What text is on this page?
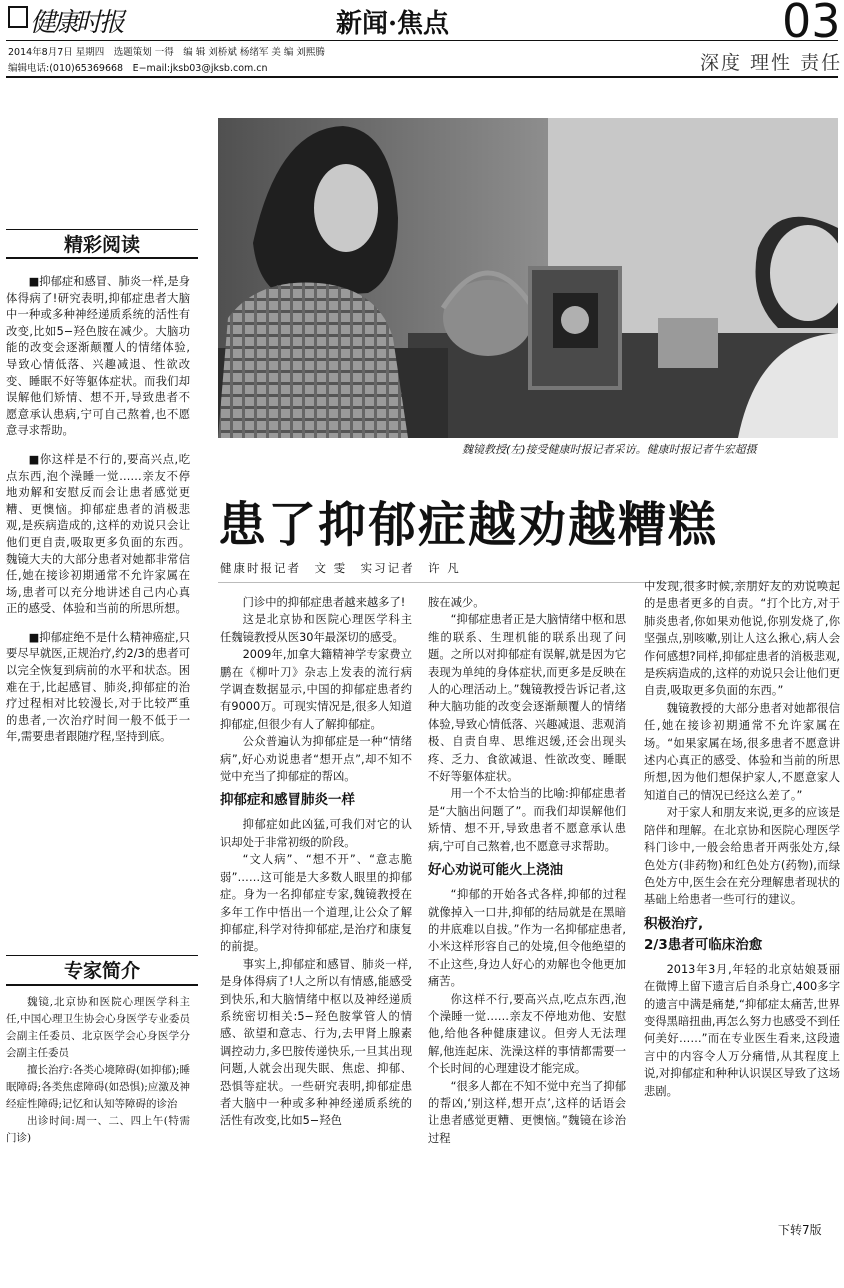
健康时报	新闻·焦点	03
2014年8月7日 星期四　选题策划 一得　编 辑 刘桥斌 杨绪军 美 编 刘熙腾
编辑电话:(010)65369668　E−mail:jksb03@jksb.com.cn	深度 理性 责任
精彩阅读

■抑郁症和感冒、肺炎一样,是身体得病了!研究表明,抑郁症患者大脑中一种或多种神经递质系统的活性有改变,比如5−羟色胺在减少。大脑功能的改变会逐渐颠覆人的情绪体验,导致心情低落、兴趣减退、性欲改变、睡眠不好等躯体症状。而我们却误解他们矫情、想不开,导致患者不愿意承认患病,宁可自己熬着,也不愿意寻求帮助。

■你这样是不行的,要高兴点,吃点东西,泡个澡睡一觉……亲友不停地劝解和安慰反而会让患者感觉更糟、更懊恼。抑郁症患者的消极悲观,是疾病造成的,这样的劝说只会让他们更自责,吸取更多负面的东西。魏镜大夫的大部分患者对她都非常信任,她在接诊初期通常不允许家属在场,患者可以充分地讲述自己内心真正的感受、体验和当前的所思所想。

■抑郁症绝不是什么精神癌症,只要尽早就医,正规治疗,约2/3的患者可以完全恢复到病前的水平和状态。困难在于,比起感冒、肺炎,抑郁症的治疗过程相对比较漫长,对于比较严重的患者,一次治疗时间一般不低于一年,需要患者跟随疗程,坚持到底。

专家简介

魏镜,北京协和医院心理医学科主任,中国心理卫生协会心身医学专业委员会副主任委员、北京医学会心身医学分会副主任委员

擅长治疗:各类心境障碍(如抑郁);睡眠障碍;各类焦虑障碍(如恐惧);应激及神经症性障碍;记忆和认知等障碍的诊治

出诊时间:周一、二、四上午(特需门诊)

魏镜教授(左)接受健康时报记者采访。健康时报记者牛宏超摄
患了抑郁症越劝越糟糕
健康时报记者　文 雯　实习记者　许 凡

门诊中的抑郁症患者越来越多了!

这是北京协和医院心理医学科主任魏镜教授从医30年最深切的感受。

2009年,加拿大籍精神学专家费立鹏在《柳叶刀》杂志上发表的流行病学调查数据显示,中国的抑郁症患者约有9000万。可现实情况是,很多人知道抑郁症,但很少有人了解抑郁症。

公众普遍认为抑郁症是一种“情绪病”,好心劝说患者“想开点”,却不知不觉中充当了抑郁症的帮凶。

抑郁症和感冒肺炎一样

抑郁症如此凶猛,可我们对它的认识却处于非常初级的阶段。

“文人病”、“想不开”、“意志脆弱”……这可能是大多数人眼里的抑郁症。身为一名抑郁症专家,魏镜教授在多年工作中悟出一个道理,让公众了解抑郁症,科学对待抑郁症,是治疗和康复的前提。

事实上,抑郁症和感冒、肺炎一样,是身体得病了!人之所以有情感,能感受到快乐,和大脑情绪中枢以及神经递质系统密切相关:5−羟色胺掌管人的情感、欲望和意志、行为,去甲肾上腺素调控动力,多巴胺传递快乐,一旦其出现问题,人就会出现失眠、焦虑、抑郁、恐惧等症状。一些研究表明,抑郁症患者大脑中一种或多种神经递质系统的活性有改变,比如5−羟色

胺在减少。

“抑郁症患者正是大脑情绪中枢和思维的联系、生理机能的联系出现了问题。之所以对抑郁症有误解,就是因为它表现为单纯的身体症状,而更多是反映在人的心理活动上。”魏镜教授告诉记者,这种大脑功能的改变会逐渐颠覆人的情绪体验,导致心情低落、兴趣减退、悲观消极、自责自卑、思维迟缓,还会出现头疼、乏力、食欲减退、性欲改变、睡眠不好等躯体症状。

用一个不太恰当的比喻:抑郁症患者是“大脑出问题了”。而我们却误解他们矫情、想不开,导致患者不愿意承认患病,宁可自己熬着,也不愿意寻求帮助。

好心劝说可能火上浇油

“抑郁的开始各式各样,抑郁的过程就像掉入一口井,抑郁的结局就是在黑暗的井底难以自拔。”作为一名抑郁症患者,小米这样形容自己的处境,但令他绝望的不止这些,身边人好心的劝解也令他更加痛苦。

你这样不行,要高兴点,吃点东西,泡个澡睡一觉……亲友不停地劝他、安慰他,给他各种健康建议。但旁人无法理解,他连起床、洗澡这样的事情都需要一个长时间的心理建设才能完成。

“很多人都在不知不觉中充当了抑郁的帮凶,‘别这样,想开点’,这样的话语会让患者感觉更糟、更懊恼。”魏镜在诊治过程

中发现,很多时候,亲朋好友的劝说唤起的是患者更多的自责。“打个比方,对于肺炎患者,你如果劝他说,你别发烧了,你坚强点,别咳嗽,别让人这么揪心,病人会作何感想?同样,抑郁症患者的消极悲观,是疾病造成的,这样的劝说只会让他们更自责,吸取更多负面的东西。”

魏镜教授的大部分患者对她都很信任,她在接诊初期通常不允许家属在场。“如果家属在场,很多患者不愿意讲述内心真正的感受、体验和当前的所思所想,因为他们想保护家人,不愿意家人知道自己的情况已经这么差了。”

对于家人和朋友来说,更多的应该是陪伴和理解。在北京协和医院心理医学科门诊中,一般会给患者开两张处方,绿色处方(非药物)和红色处方(药物),而绿色处方中,医生会在充分理解患者现状的基础上给患者一些可行的建议。

积极治疗,
2/3患者可临床治愈

2013年3月,年轻的北京姑娘聂丽在微博上留下遗言后自杀身亡,400多字的遗言中满是痛楚,“抑郁症太痛苦,世界变得黑暗扭曲,再怎么努力也感受不到任何美好……”而在专业医生看来,这段遗言中的内容令人万分痛惜,从其程度上说,对抑郁症和种种认识误区导致了这场悲剧。

下转7版
